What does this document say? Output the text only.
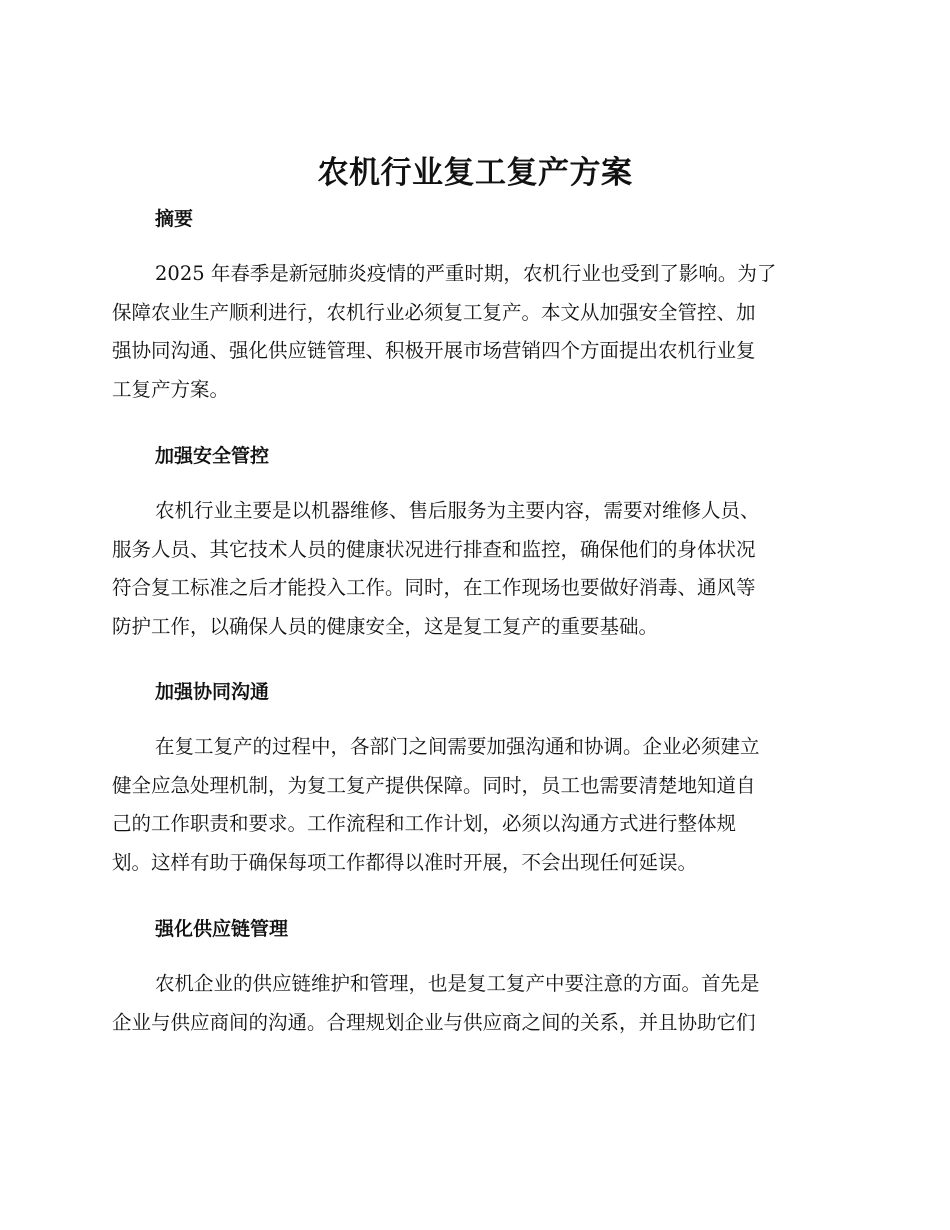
农机行业复工复产方案
摘要
2025 年春季是新冠肺炎疫情的严重时期，农机行业也受到了影响。为了
保障农业生产顺利进行，农机行业必须复工复产。本文从加强安全管控、加
强协同沟通、强化供应链管理、积极开展市场营销四个方面提出农机行业复
工复产方案。
加强安全管控
农机行业主要是以机器维修、售后服务为主要内容，需要对维修人员、
服务人员、其它技术人员的健康状况进行排查和监控，确保他们的身体状况
符合复工标准之后才能投入工作。同时，在工作现场也要做好消毒、通风等
防护工作，以确保人员的健康安全，这是复工复产的重要基础。
加强协同沟通
在复工复产的过程中，各部门之间需要加强沟通和协调。企业必须建立
健全应急处理机制，为复工复产提供保障。同时，员工也需要清楚地知道自
己的工作职责和要求。工作流程和工作计划，必须以沟通方式进行整体规
划。这样有助于确保每项工作都得以准时开展，不会出现任何延误。
强化供应链管理
农机企业的供应链维护和管理，也是复工复产中要注意的方面。首先是
企业与供应商间的沟通。合理规划企业与供应商之间的关系，并且协助它们
